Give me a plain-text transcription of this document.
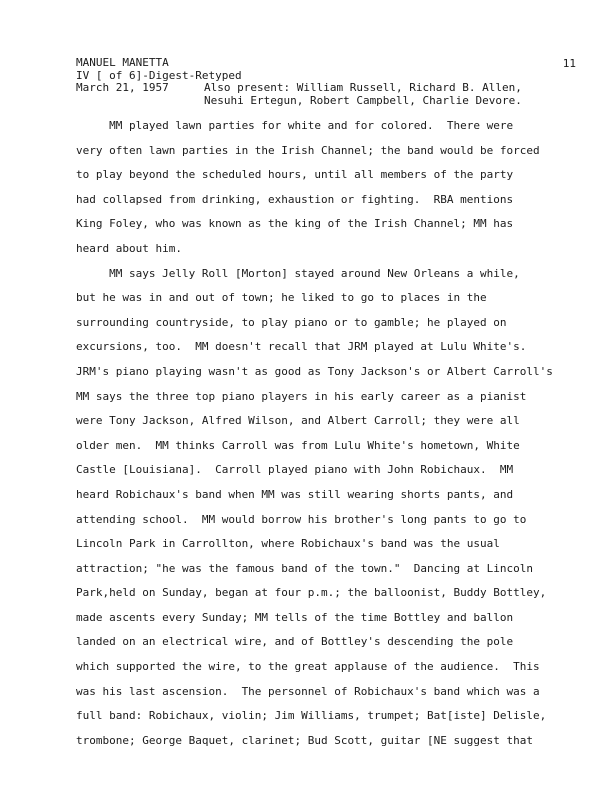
MANUEL MANETTA
IV [ of 6]-Digest-Retyped
March 21, 1957	Also present: William Russell, Richard B. Allen,
Nesuhi Ertegun, Robert Campbell, Charlie Devore.
11
MM played lawn parties for white and for colored.  There were
very often lawn parties in the Irish Channel; the band would be forced
to play beyond the scheduled hours, until all members of the party
had collapsed from drinking, exhaustion or fighting.  RBA mentions
King Foley, who was known as the king of the Irish Channel; MM has
heard about him.
MM says Jelly Roll [Morton] stayed around New Orleans a while,
but he was in and out of town; he liked to go to places in the
surrounding countryside, to play piano or to gamble; he played on
excursions, too.  MM doesn't recall that JRM played at Lulu White's.
JRM's piano playing wasn't as good as Tony Jackson's or Albert Carroll's
MM says the three top piano players in his early career as a pianist
were Tony Jackson, Alfred Wilson, and Albert Carroll; they were all
older men.  MM thinks Carroll was from Lulu White's hometown, White
Castle [Louisiana].  Carroll played piano with John Robichaux.  MM
heard Robichaux's band when MM was still wearing shorts pants, and
attending school.  MM would borrow his brother's long pants to go to
Lincoln Park in Carrollton, where Robichaux's band was the usual
attraction; "he was the famous band of the town."  Dancing at Lincoln
Park,held on Sunday, began at four p.m.; the balloonist, Buddy Bottley,
made ascents every Sunday; MM tells of the time Bottley and ballon
landed on an electrical wire, and of Bottley's descending the pole
which supported the wire, to the great applause of the audience.  This
was his last ascension.  The personnel of Robichaux's band which was a
full band: Robichaux, violin; Jim Williams, trumpet; Bat[iste] Delisle,
trombone; George Baquet, clarinet; Bud Scott, guitar [NE suggest that
